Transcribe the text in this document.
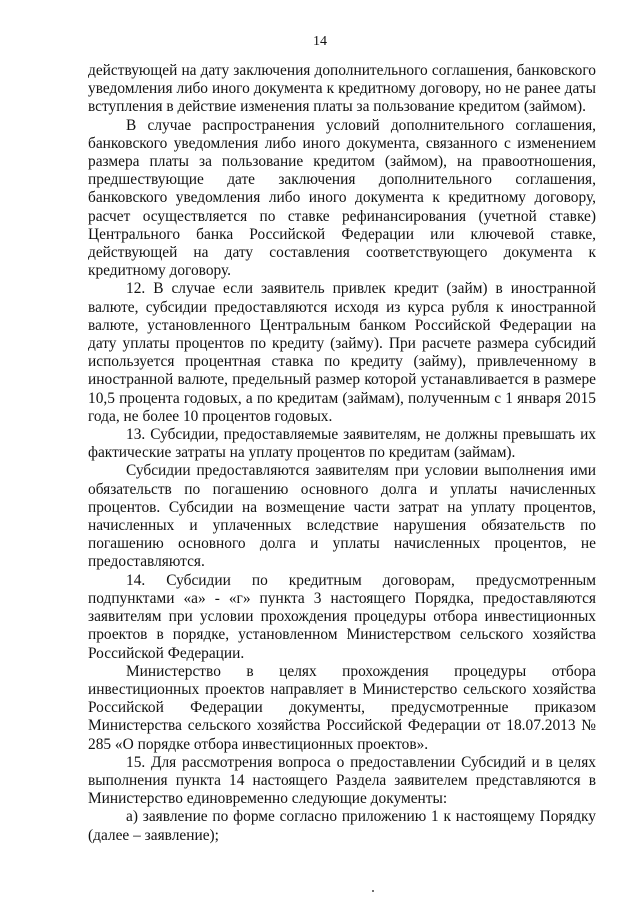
14

действующей на дату заключения дополнительного соглашения, банковского уведомления либо иного документа к кредитному договору, но не ранее даты вступления в действие изменения платы за пользование кредитом (займом).

В случае распространения условий дополнительного соглашения, банковского уведомления либо иного документа, связанного с изменением размера платы за пользование кредитом (займом), на правоотношения, предшествующие дате заключения дополнительного соглашения, банковского уведомления либо иного документа к кредитному договору, расчет осуществляется по ставке рефинансирования (учетной ставке) Центрального банка Российской Федерации или ключевой ставке, действующей на дату составления соответствующего документа к кредитному договору.

12. В случае если заявитель привлек кредит (займ) в иностранной валюте, субсидии предоставляются исходя из курса рубля к иностранной валюте, установленного Центральным банком Российской Федерации на дату уплаты процентов по кредиту (займу). При расчете размера субсидий используется процентная ставка по кредиту (займу), привлеченному в иностранной валюте, предельный размер которой устанавливается в размере 10,5 процента годовых, а по кредитам (займам), полученным с 1 января 2015 года, не более 10 процентов годовых.

13. Субсидии, предоставляемые заявителям, не должны превышать их фактические затраты на уплату процентов по кредитам (займам).

Субсидии предоставляются заявителям при условии выполнения ими обязательств по погашению основного долга и уплаты начисленных процентов. Субсидии на возмещение части затрат на уплату процентов, начисленных и уплаченных вследствие нарушения обязательств по погашению основного долга и уплаты начисленных процентов, не предоставляются.

14. Субсидии по кредитным договорам, предусмотренным подпунктами «а» - «г» пункта 3 настоящего Порядка, предоставляются заявителям при условии прохождения процедуры отбора инвестиционных проектов в порядке, установленном Министерством сельского хозяйства Российской Федерации.

Министерство в целях прохождения процедуры отбора инвестиционных проектов направляет в Министерство сельского хозяйства Российской Федерации документы, предусмотренные приказом Министерства сельского хозяйства Российской Федерации от 18.07.2013 № 285 «О порядке отбора инвестиционных проектов».

15. Для рассмотрения вопроса о предоставлении Субсидий и в целях выполнения пункта 14 настоящего Раздела заявителем представляются в Министерство единовременно следующие документы:

а) заявление по форме согласно приложению 1 к настоящему Порядку (далее – заявление);
